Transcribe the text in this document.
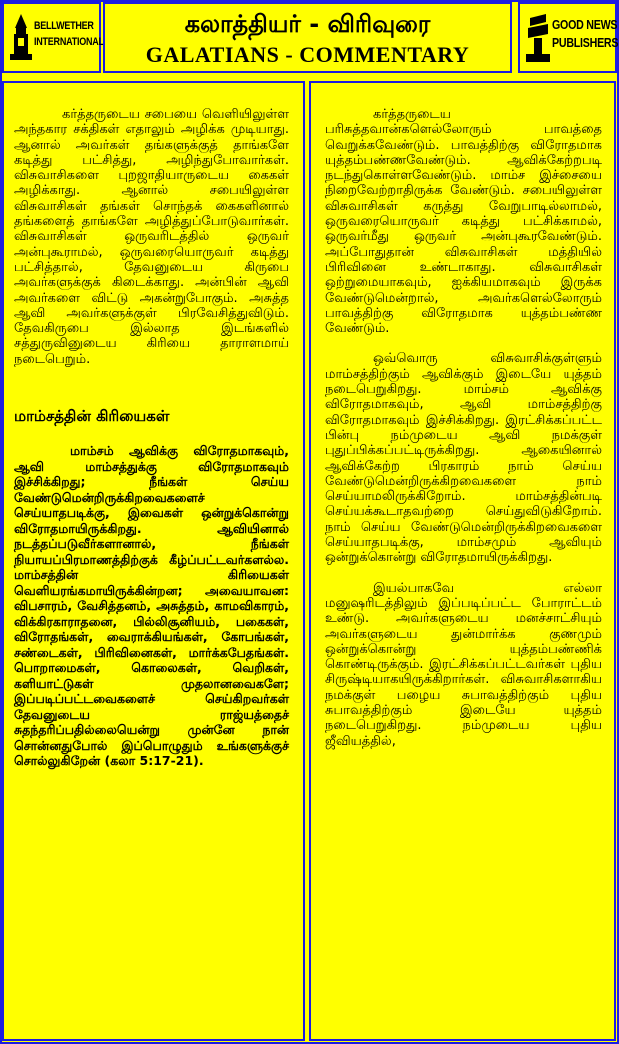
BELLWETHER
INTERNATIONAL
கலாத்தியர் - விரிவுரை
GALATIANS - COMMENTARY
GOOD NEWS
PUBLISHERS

கர்த்தருடைய சபையை வெளியிலுள்ள அந்தகார சக்திகள் எதாலும் அழிக்க முடியாது. ஆனால் அவர்கள் தங்களுக்குத் தாங்களே கடித்து பட்சித்து, அழிந்துபோவார்கள். விசுவாசிகளை புறஜாதியாருடைய கைகள் அழிக்காது. ஆனால் சபையிலுள்ள விசுவாசிகள் தங்கள் சொந்தக் கைகளினால் தங்களைத் தாங்களே அழித்துப்போடுவார்கள். விசுவாசிகள் ஒருவரிடத்தில் ஒருவர் அன்புகூராமல், ஒருவரையொருவர் கடித்து பட்சித்தால், தேவனுடைய கிருபை அவர்களுக்குக் கிடைக்காது. அன்பின் ஆவி அவர்களை விட்டு அகன்றுபோகும். அசுத்த ஆவி அவர்களுக்குள் பிரவேசித்துவிடும். தேவகிருபை இல்லாத இடங்களில் சத்துருவினுடைய கிரியை தாராளமாய் நடைபெறும்.

மாம்சத்தின் கிரியைகள்

மாம்சம் ஆவிக்கு விரோதமாகவும், ஆவி மாம்சத்துக்கு விரோதமாகவும் இச்சிக்கிறது; நீங்கள் செய்ய வேண்டுமென்றிருக்கிறவைகளைச் செய்யாதபடிக்கு, இவைகள் ஒன்றுக்கொன்று விரோதமாயிருக்கிறது. ஆவியினால் நடத்தப்படுவீர்களானால், நீங்கள் நியாயப்பிரமாணத்திற்குக் கீழ்ப்பட்டவர்களல்ல. மாம்சத்தின் கிரியைகள் வெளியரங்கமாயிருக்கின்றன; அவையாவன: விபசாரம், வேசித்தனம், அசுத்தம், காமவிகாரம், விக்கிரகாராதனை, பில்லிசூனியம், பகைகள், விரோதங்கள், வைராக்கியங்கள், கோபங்கள், சண்டைகள், பிரிவினைகள், மார்க்கபேதங்கள். பொறாமைகள், கொலைகள், வெறிகள், களியாட்டுகள் முதலானவைகளே; இப்படிப்பட்டவைகளைச் செய்கிறவர்கள் தேவனுடைய ராஜ்யத்தைச் சுதந்தரிப்பதில்லையென்று முன்னே நான் சொன்னதுபோல் இப்பொழுதும் உங்களுக்குச் சொல்லுகிறேன் (கலா 5:17-21).

கர்த்தருடைய பரிசுத்தவான்களெல்லோரும் பாவத்தை வெறுக்கவேண்டும். பாவத்திற்கு விரோதமாக யுத்தம்பண்ணவேண்டும். ஆவிக்கேற்றபடி நடந்துகொள்ளவேண்டும். மாம்ச இச்சையை நிறைவேற்றாதிருக்க வேண்டும். சபையிலுள்ள விசுவாசிகள் கருத்து வேறுபாடில்லாமல், ஒருவரையொருவர் கடித்து பட்சிக்காமல், ஒருவர்மீது ஒருவர் அன்புகூரவேண்டும். அப்போதுதான் விசுவாசிகள் மத்தியில் பிரிவினை உண்டாகாது. விசுவாசிகள் ஒற்றுமையாகவும், ஐக்கியமாகவும் இருக்க வேண்டுமென்றால், அவர்களெல்லோரும் பாவத்திற்கு விரோதமாக யுத்தம்பண்ண வேண்டும்.

ஒவ்வொரு விசுவாசிக்குள்ளும் மாம்சத்திற்கும் ஆவிக்கும் இடையே யுத்தம் நடைபெறுகிறது. மாம்சம் ஆவிக்கு விரோதமாகவும், ஆவி மாம்சத்திற்கு விரோதமாகவும் இச்சிக்கிறது. இரட்சிக்கப்பட்ட பின்பு நம்முடைய ஆவி நமக்குள் புதுப்பிக்கப்பட்டிருக்கிறது. ஆகையினால் ஆவிக்கேற்ற பிரகாரம் நாம் செய்ய வேண்டுமென்றிருக்கிறவைகளை நாம் செய்யாமலிருக்கிறோம். மாம்சத்தின்படி செய்யக்கூடாதவற்றை செய்துவிடுகிறோம். நாம் செய்ய வேண்டுமென்றிருக்கிறவைகளை செய்யாதபடிக்கு, மாம்சமும் ஆவியும் ஒன்றுக்கொன்று விரோதமாயிருக்கிறது.

இயல்பாகவே எல்லா மனுஷரிடத்திலும் இப்படிப்பட்ட போராட்டம் உண்டு. அவர்களுடைய மனச்சாட்சியும் அவர்களுடைய துன்மார்க்க குணமும் ஒன்றுக்கொன்று யுத்தம்பண்ணிக் கொண்டிருக்கும். இரட்சிக்கப்பட்டவர்கள் புதிய சிருஷ்டியாகயிருக்கிறார்கள். விசுவாசிகளாகிய நமக்குள் பழைய சுபாவத்திற்கும் புதிய சுபாவத்திற்கும் இடையே யுத்தம் நடைபெறுகிறது. நம்முடைய புதிய ஜீவியத்தில்,
